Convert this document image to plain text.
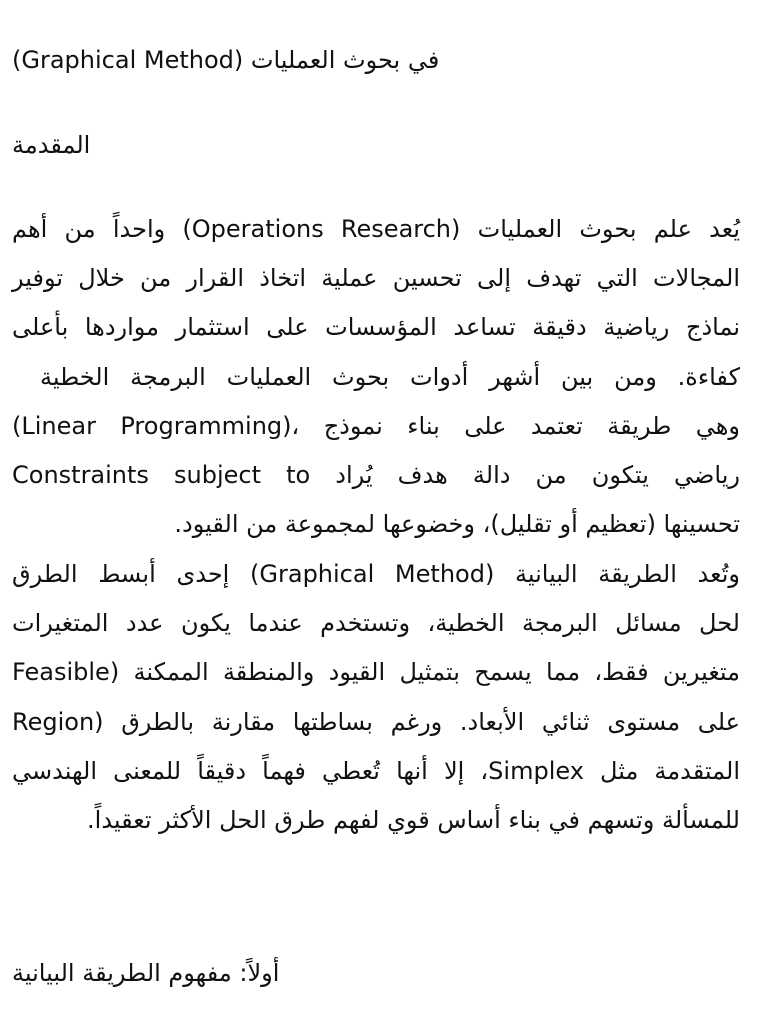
في بحوث العمليات (Graphical Method)
المقدمة
يُعد علم بحوث العمليات (Operations Research) واحداً من أهم
المجالات التي تهدف إلى تحسين عملية اتخاذ القرار من خلال توفير
نماذج رياضية دقيقة تساعد المؤسسات على استثمار مواردها بأعلى
كفاءة. ومن بين أشهر أدوات بحوث العمليات البرمجة الخطية
(Linear Programming)، وهي طريقة تعتمد على بناء نموذج
رياضي يتكون من دالة هدف يُراد Constraints subject to
تحسينها (تعظيم أو تقليل)، وخضوعها لمجموعة من القيود.
وتُعد الطريقة البيانية (Graphical Method) إحدى أبسط الطرق
لحل مسائل البرمجة الخطية، وتستخدم عندما يكون عدد المتغيرات
متغيرين فقط، مما يسمح بتمثيل القيود والمنطقة الممكنة (Feasible
Region) على مستوى ثنائي الأبعاد. ورغم بساطتها مقارنة بالطرق
المتقدمة مثل Simplex، إلا أنها تُعطي فهماً دقيقاً للمعنى الهندسي
للمسألة وتسهم في بناء أساس قوي لفهم طرق الحل الأكثر تعقيداً.
أولاً: مفهوم الطريقة البيانية
